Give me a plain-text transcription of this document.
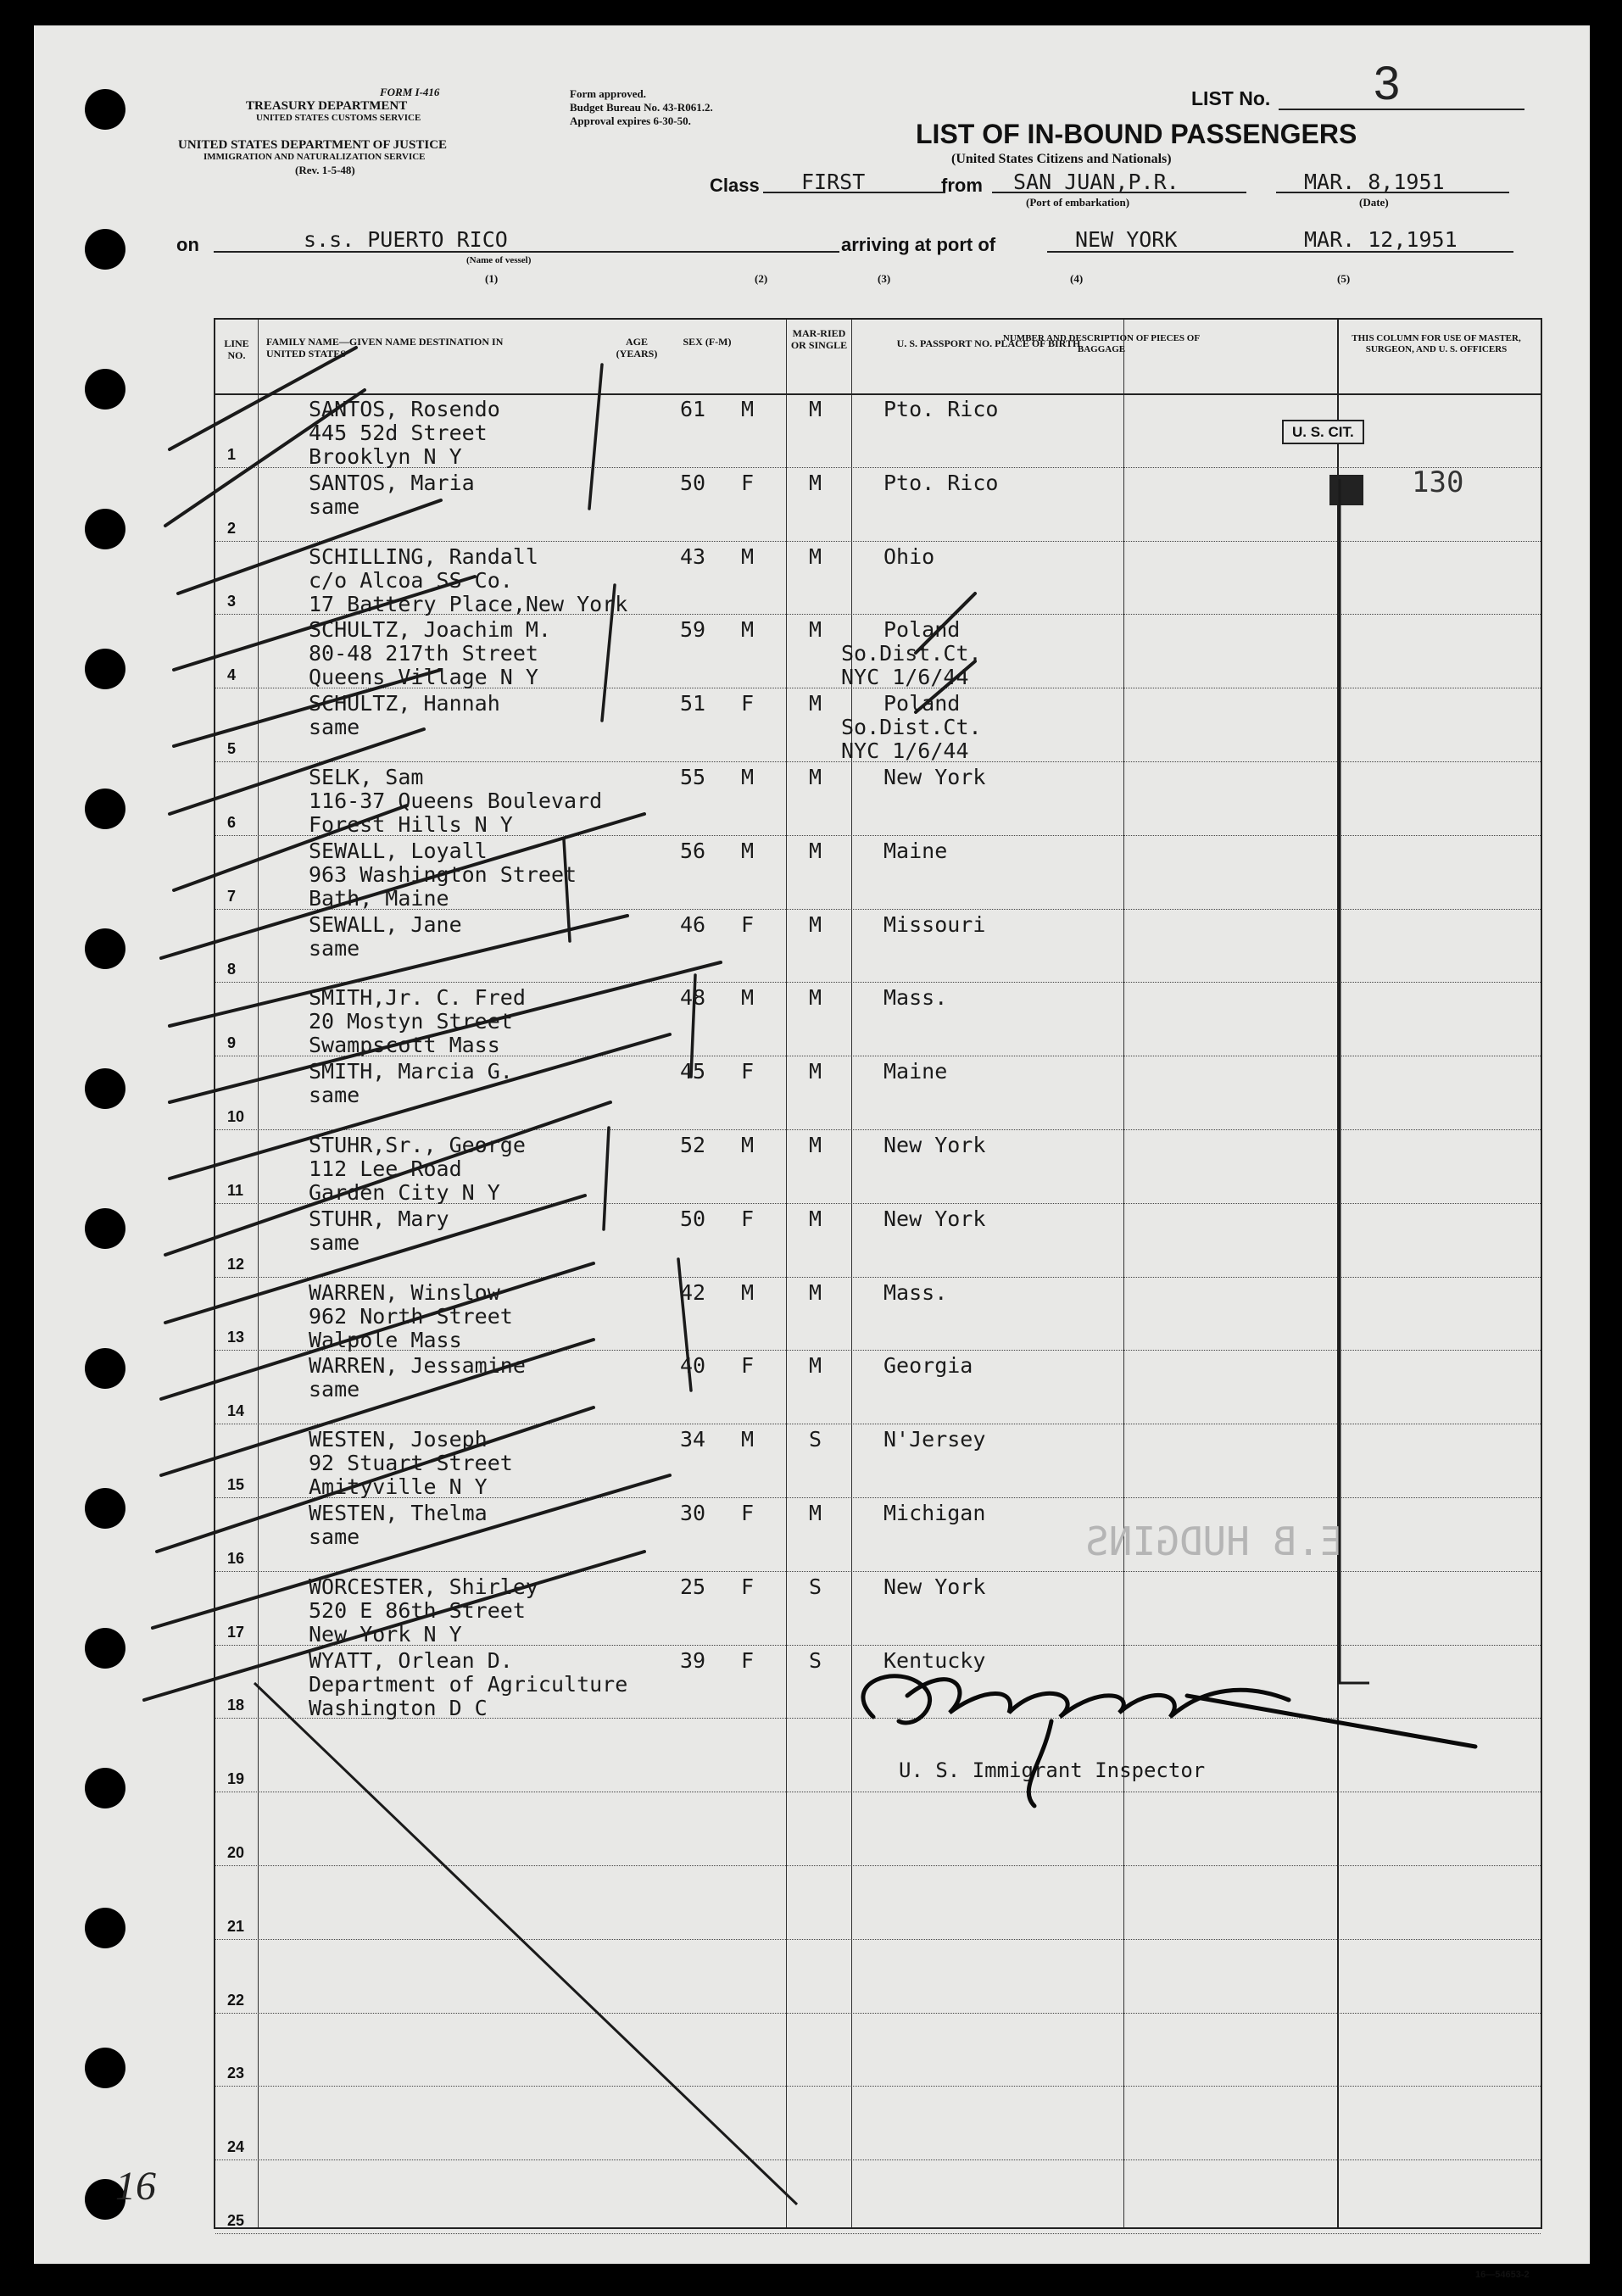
FORM I-416
TREASURY DEPARTMENT
UNITED STATES CUSTOMS SERVICE
UNITED STATES DEPARTMENT OF JUSTICE
IMMIGRATION AND NATURALIZATION SERVICE
(Rev. 1-5-48)
Form approved.
Budget Bureau No. 43-R061.2.
Approval expires 6-30-50.
LIST No. 3
LIST OF IN-BOUND PASSENGERS
(United States Citizens and Nationals)
Class FIRST	from SAN JUAN,P.R.
(Port of embarkation)
MAR. 8,1951
(Date)
on	s.s. PUERTO RICO
(Name of vessel)
arriving at port of	NEW YORK	MAR. 12,1951
(1)	(2)	(3)	(4)	(5)
LINE NO.
FAMILY NAME—GIVEN NAME DESTINATION IN UNITED STATES
AGE (YEARS)
SEX (F-M)
MAR-RIED OR SINGLE	U. S. PASSPORT NO. PLACE OF BIRTH
NUMBER AND DESCRIPTION OF PIECES OF BAGGAGE
THIS COLUMN FOR USE OF MASTER, SURGEON, AND U. S. OFFICERS
1
SANTOS, Rosendo
445 52d Street
Brooklyn N Y
61 M	M	Pto. Rico
2
SANTOS, Maria
same
50 F	M	Pto. Rico
3
SCHILLING, Randall
c/o Alcoa SS Co.
17 Battery Place,New York
43 M	M	Ohio
4
SCHULTZ, Joachim M.
80-48 217th Street
Queens Village N Y
59 M	M	Poland
So.Dist.Ct.
NYC 1/6/44
5
SCHULTZ, Hannah
same
51 F	M	Poland
So.Dist.Ct.
NYC 1/6/44
6
SELK, Sam
116-37 Queens Boulevard
Forest Hills N Y
55 M	M	New York
7
SEWALL, Loyall
963 Washington Street
Bath, Maine
56 M	M	Maine
8
SEWALL, Jane
same
46 F	M	Missouri
9
SMITH,Jr. C. Fred
20 Mostyn Street
Swampscott Mass
48 M	M	Mass.
10
SMITH, Marcia G.
same
45 F	M	Maine
11
STUHR,Sr., George
112 Lee Road
Garden City N Y
52 M	M	New York
12
STUHR, Mary
same
50 F	M	New York
13
WARREN, Winslow
962 North Street
Walpole Mass
42 M	M	Mass.
14
WARREN, Jessamine
same
40 F	M	Georgia
15
WESTEN, Joseph
92 Stuart Street
Amityville N Y
34 M	S	N'Jersey
16
WESTEN, Thelma
same
30 F	M	Michigan
17
WORCESTER, Shirley
520 E 86th Street
New York N Y
25 F	S	New York
18
WYATT, Orlean D.
Department of Agriculture
Washington D C
39 F	S	Kentucky
19
20
21
22
23
24
25
U. S. CIT.
130
E.B HUDGINS
U. S. Immigrant Inspector
16—54653-2
16
